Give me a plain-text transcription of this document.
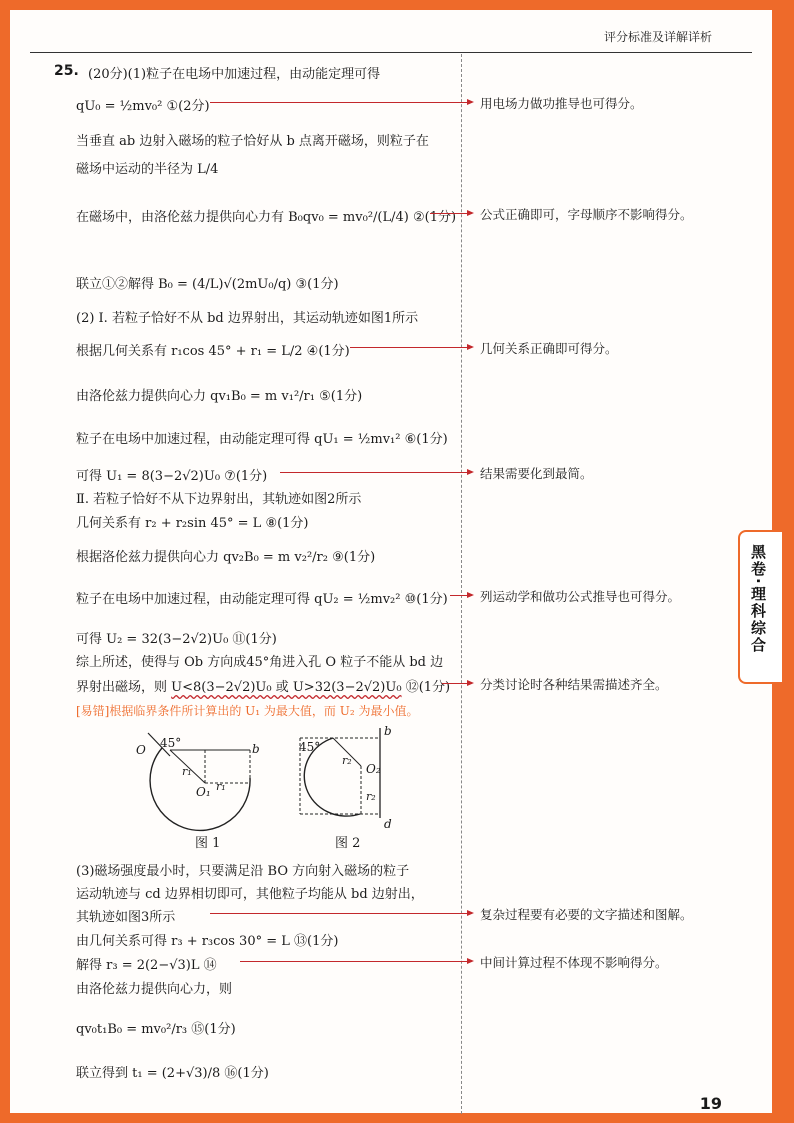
评分标准及详解详析
25. (20分)(1)粒子在电场中加速过程，由动能定理可得
qU₀ = ½mv₀² ①(2分)
当垂直 ab 边射入磁场的粒子恰好从 b 点离开磁场，则粒子在
磁场中运动的半径为 L/4
在磁场中，由洛伦兹力提供向心力有 B₀qv₀ = mv₀²/(L/4) ②(1分)
联立①②解得 B₀ = (4/L)√(2mU₀/q) ③(1分)
(2) Ⅰ. 若粒子恰好不从 bd 边界射出，其运动轨迹如图1所示
根据几何关系有 r₁cos 45° + r₁ = L/2 ④(1分)
由洛伦兹力提供向心力 qv₁B₀ = m v₁²/r₁ ⑤(1分)
粒子在电场中加速过程，由动能定理可得 qU₁ = ½mv₁² ⑥(1分)
可得 U₁ = 8(3−2√2)U₀ ⑦(1分)
Ⅱ. 若粒子恰好不从下边界射出，其轨迹如图2所示
几何关系有 r₂ + r₂sin 45° = L ⑧(1分)
根据洛伦兹力提供向心力 qv₂B₀ = m v₂²/r₂ ⑨(1分)
粒子在电场中加速过程，由动能定理可得 qU₂ = ½mv₂² ⑩(1分)
可得 U₂ = 32(3−2√2)U₀ ⑪(1分)
综上所述，使得与 Ob 方向成45°角进入孔 O 粒子不能从 bd 边
界射出磁场，则 U<8(3−2√2)U₀ 或 U>32(3−2√2)U₀ ⑫(1分)
[易错]根据临界条件所计算出的 U₁ 为最大值，而 U₂ 为最小值。
45°
O
O₁
r₁
r₁
b
图 1
45°
O₂
r₂
r₂
b
d
图 2
(3)磁场强度最小时，只要满足沿 BO 方向射入磁场的粒子
运动轨迹与 cd 边界相切即可，其他粒子均能从 bd 边射出，
其轨迹如图3所示
由几何关系可得 r₃ + r₃cos 30° = L ⑬(1分)
解得 r₃ = 2(2−√3)L ⑭
由洛伦兹力提供向心力，则
qv₀t₁B₀ = mv₀²/r₃ ⑮(1分)
联立得到 t₁ = (2+√3)/8 ⑯(1分)
用电场力做功推导也可得分。
公式正确即可，字母顺序不影响得分。
几何关系正确即可得分。
结果需要化到最简。
列运动学和做功公式推导也可得分。
分类讨论时各种结果需描述齐全。
复杂过程要有必要的文字描述和图解。
中间计算过程不体现不影响得分。
黑卷·理科综合
19
